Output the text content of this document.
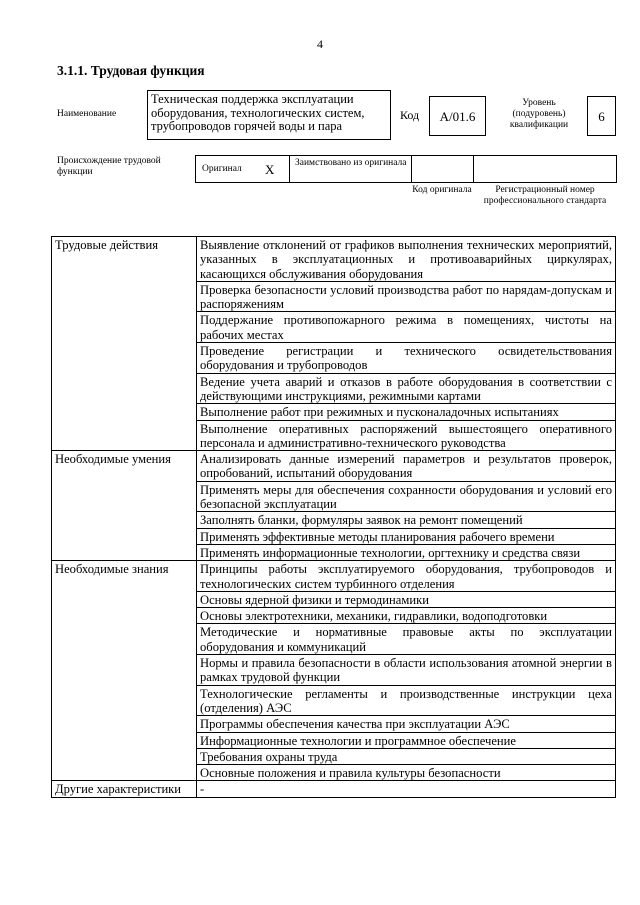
4
3.1.1. Трудовая функция
Наименование
Техническая поддержка эксплуатации оборудования, технологических систем, трубопроводов горячей воды и пара
Код	А/01.6
Уровень (подуровень) квалификации
6
Происхождение трудовой функции	Оригинал X Заимствовано из оригинала
Код оригинала	Регистрационный номер профессионального стандарта
Трудовые действия	Выявление отклонений от графиков выполнения технических мероприятий, указанных в эксплуатационных и противоаварийных циркулярах, касающихся обслуживания оборудования
	Проверка безопасности условий производства работ по нарядам-допускам и распоряжениям
	Поддержание противопожарного режима в помещениях, чистоты на рабочих местах
	Проведение регистрации и технического освидетельствования оборудования и трубопроводов
	Ведение учета аварий и отказов в работе оборудования в соответствии с действующими инструкциями, режимными картами
	Выполнение работ при режимных и пусконаладочных испытаниях
	Выполнение оперативных распоряжений вышестоящего оперативного персонала и административно-технического руководства
Необходимые умения	Анализировать данные измерений параметров и результатов проверок, опробований, испытаний оборудования
	Применять меры для обеспечения сохранности оборудования и условий его безопасной эксплуатации
	Заполнять бланки, формуляры заявок на ремонт помещений
	Применять эффективные методы планирования рабочего времени
	Применять информационные технологии, оргтехнику и средства связи
Необходимые знания	Принципы работы эксплуатируемого оборудования, трубопроводов и технологических систем турбинного отделения
	Основы ядерной физики и термодинамики
	Основы электротехники, механики, гидравлики, водоподготовки
	Методические и нормативные правовые акты по эксплуатации оборудования и коммуникаций
	Нормы и правила безопасности в области использования атомной энергии в рамках трудовой функции
	Технологические регламенты и производственные инструкции цеха (отделения) АЭС
	Программы обеспечения качества при эксплуатации АЭС
	Информационные технологии и программное обеспечение
	Требования охраны труда
	Основные положения и правила культуры безопасности
Другие характеристики	-
